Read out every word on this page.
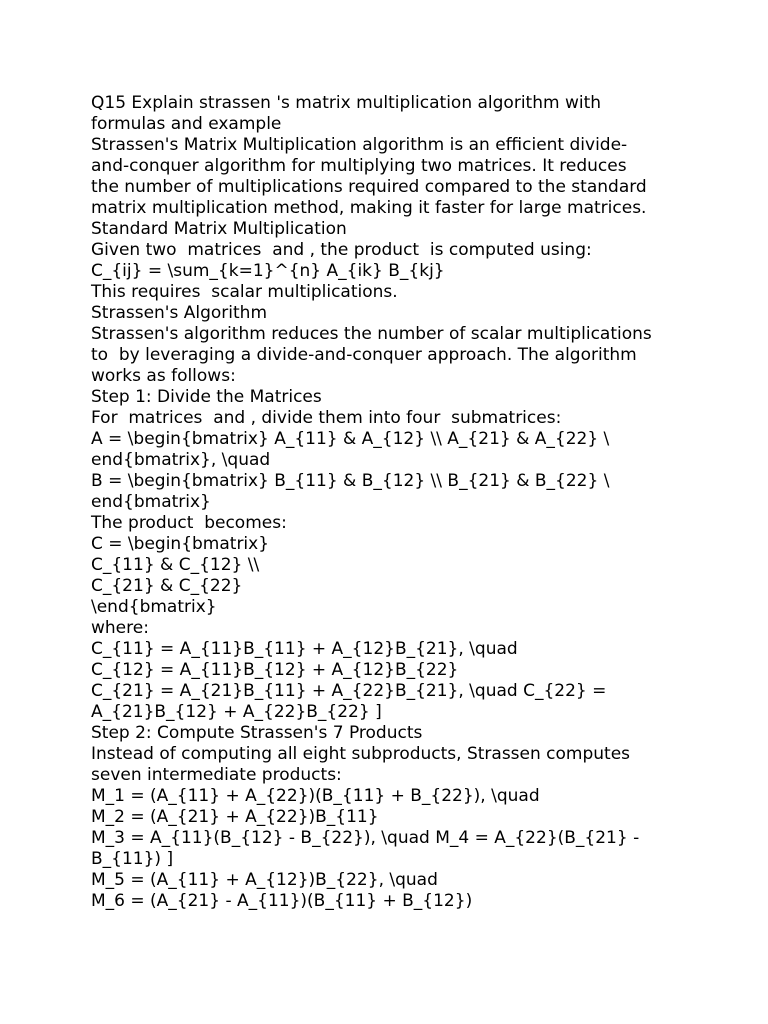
Q15 Explain strassen 's matrix multiplication algorithm with

formulas and example

Strassen's Matrix Multiplication algorithm is an efficient divide-

and-conquer algorithm for multiplying two matrices. It reduces

the number of multiplications required compared to the standard

matrix multiplication method, making it faster for large matrices.

Standard Matrix Multiplication

Given two  matrices  and , the product  is computed using:

C_{ij} = \sum_{k=1}^{n} A_{ik} B_{kj}

This requires  scalar multiplications.

Strassen's Algorithm

Strassen's algorithm reduces the number of scalar multiplications

to  by leveraging a divide-and-conquer approach. The algorithm

works as follows:

Step 1: Divide the Matrices

For  matrices  and , divide them into four  submatrices:

A = \begin{bmatrix} A_{11} & A_{12} \\ A_{21} & A_{22} \

end{bmatrix}, \quad

B = \begin{bmatrix} B_{11} & B_{12} \\ B_{21} & B_{22} \

end{bmatrix}

The product  becomes:

C = \begin{bmatrix}

C_{11} & C_{12} \\

C_{21} & C_{22}

\end{bmatrix}

where:

C_{11} = A_{11}B_{11} + A_{12}B_{21}, \quad

C_{12} = A_{11}B_{12} + A_{12}B_{22}

C_{21} = A_{21}B_{11} + A_{22}B_{21}, \quad C_{22} =

A_{21}B_{12} + A_{22}B_{22} ]

Step 2: Compute Strassen's 7 Products

Instead of computing all eight subproducts, Strassen computes

seven intermediate products:

M_1 = (A_{11} + A_{22})(B_{11} + B_{22}), \quad

M_2 = (A_{21} + A_{22})B_{11}

M_3 = A_{11}(B_{12} - B_{22}), \quad M_4 = A_{22}(B_{21} -

B_{11}) ]

M_5 = (A_{11} + A_{12})B_{22}, \quad

M_6 = (A_{21} - A_{11})(B_{11} + B_{12})
